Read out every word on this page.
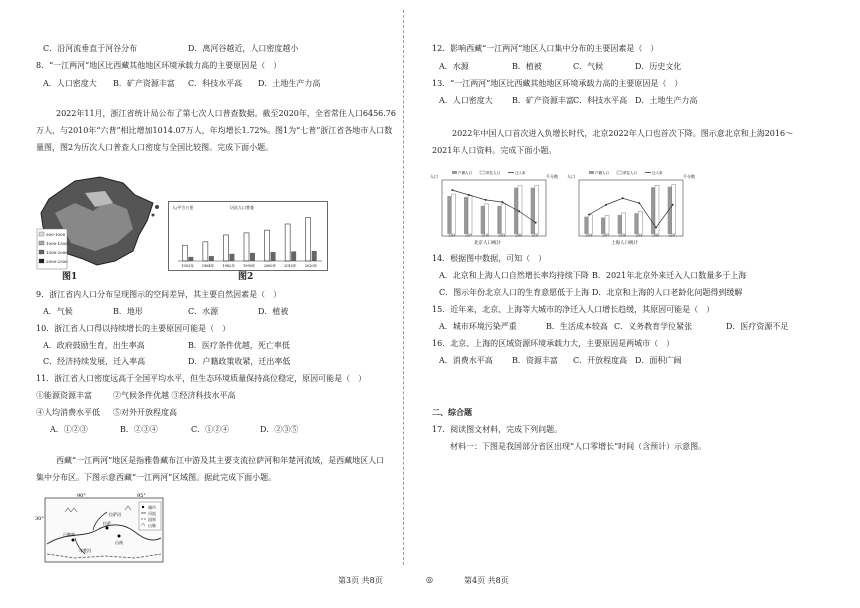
C．沿河流垂直于河谷分布	D．离河谷越近，人口密度越小
8．“一江两河”地区比西藏其他地区环境承载力高的主要原因是（　）
A．人口密度大 B．矿产资源丰富 C．科技水平高 D．土地生产力高
2022年11月，浙江省统计局公布了第七次人口普查数据。截至2020年，全省常住人口6456.76万人，与2010年“六普”相比增加1014.07万人，年均增长1.72%。图1为“七普”浙江省各地市人口数量图，图2为历次人口普查人口密度与全国比较图。完成下面小题。
500-1000
1000-1500
1500-2000
2000-2500
图1
人/平方公里	历次人口普查
1953年 1964年 1982年 1990年 2000年 2010年 2020年
图2
9．浙江省内人口分布呈现图示的空间差异，其主要自然因素是（　）
A．气候	B．地形	C．水源	D．植被
10．浙江省人口得以持续增长的主要原因可能是（　）
A．政府鼓励生育，出生率高	B．医疗条件优越，死亡率低
C．经济持续发展，迁入率高	D．户籍政策收紧，迁出率低
11．浙江省人口密度远高于全国平均水平，但生态环境质量保持高位稳定，原因可能是（　）
①能源资源丰富	②气候条件优越 ③经济科技水平高
④人均消费水平低 ⑤对外开放程度高
A．①②③	B．②③④	C．①②④	D．②③⑤
西藏“一江两河”地区是指雅鲁藏布江中游及其主要支流拉萨河和年楚河流域，是西藏地区人口集中分布区。下图示意西藏“一江两河”区域图。据此完成下面小题。
90°	95°
30°
日喀则
拉萨
山南
拉萨河
年楚河
城市
河流
国界
山脉
12．影响西藏“一江两河”地区人口集中分布的主要因素是（　）
A．水源	B．植被	C．气候	D．历史文化
13．“一江两河”地区比西藏其他地区环境承载力高的主要原因是（　）
A．人口密度大 B．矿产资源丰富 C．科技水平高 D．土地生产力高
2022年中国人口首次进入负增长时代，北京2022年人口也首次下降。图示意北京和上海2016～2021年人口资料。完成下面小题。
人口	千分数
户籍人口	常住人口	迁入率
2016	2017	2018	2019	2020	2021
北京人口统计
人口	千分数
户籍人口	常住人口	迁入率
2016	2017	2018	2019	2020	2021
上海人口统计
14．根据图中数据，可知（　）
A．北京和上海人口自然增长率均持续下降 B．2021年北京外来迁入人口数量多于上海
C．图示年份北京人口的生育意愿低于上海 D．北京和上海的人口老龄化问题得到缓解
15．近年来，北京、上海等大城市的净迁入人口增长趋缓，其原因可能是（　）
A．城市环境污染严重	B．生活成本较高 C．义务教育学位紧张	D．医疗资源不足
16．北京、上海的区域资源环境承载力大，主要原因是两城市（　）
A．消费水平高 B．资源丰富 C．开放程度高 D．面积广阔
二、综合题
17．阅读图文材料，完成下列问题。
材料一：下图是我国部分省区出现“人口零增长”时间（含预计）示意图。
第3页 共8页	◎	第4页 共8页
